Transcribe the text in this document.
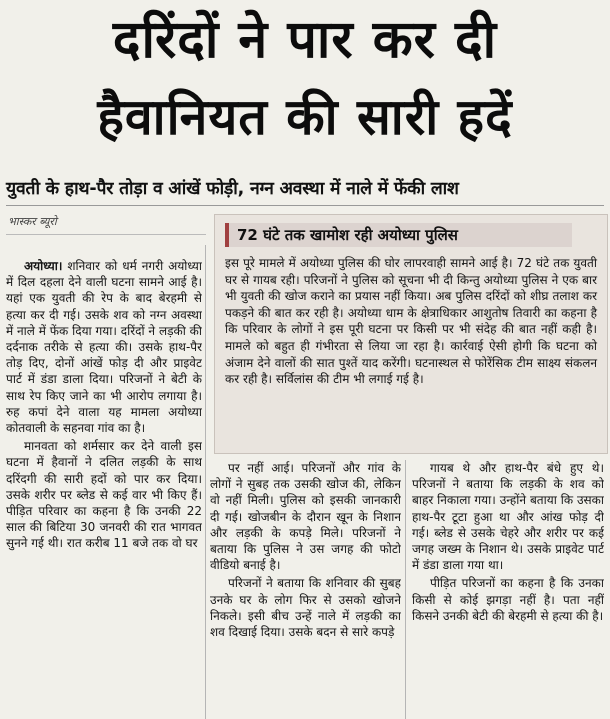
दरिंदों ने पार कर दी
हैवानियत की सारी हदें
युवती के हाथ-पैर तोड़ा व आंखें फोड़ी, नग्न अवस्था में नाले में फेंकी लाश
भास्कर ब्यूरो

अयोध्या। शनिवार को धर्म नगरी अयोध्या में दिल दहला देने वाली घटना सामने आई है। यहां एक युवती की रेप के बाद बेरहमी से हत्या कर दी गई। उसके शव को नग्न अवस्था में नाले में फेंक दिया गया। दरिंदों ने लड़की की दर्दनाक तरीके से हत्या की। उसके हाथ-पैर तोड़ दिए, दोनों आंखें फोड़ दी और प्राइवेट पार्ट में डंडा डाला दिया। परिजनों ने बेटी के साथ रेप किए जाने का भी आरोप लगाया है। रुह कपां देने वाला यह मामला अयोध्या कोतवाली के सहनवा गांव का है।

मानवता को शर्मसार कर देने वाली इस घटना में हैवानों ने दलित लड़की के साथ दरिंदगी की सारी हदों को पार कर दिया। उसके शरीर पर ब्लेड से कई वार भी किए हैं। पीड़ित परिवार का कहना है कि उनकी 22 साल की बिटिया 30 जनवरी की रात भागवत सुनने गई थी। रात करीब 11 बजे तक वो घर

72 घंटे तक खामोश रही अयोध्या पुलिस
इस पूरे मामले में अयोध्या पुलिस की घोर लापरवाही सामने आई है। 72 घंटे तक युवती घर से गायब रही। परिजनों ने पुलिस को सूचना भी दी किन्तु अयोध्या पुलिस ने एक बार भी युवती की खोज कराने का प्रयास नहीं किया। अब पुलिस दरिंदों को शीघ्र तलाश कर पकड़ने की बात कर रही है। अयोध्या धाम के क्षेत्राधिकार आशुतोष तिवारी का कहना है कि परिवार के लोगों ने इस पूरी घटना पर किसी पर भी संदेह की बात नहीं कही है। मामले को बहुत ही गंभीरता से लिया जा रहा है। कार्रवाई ऐसी होगी कि घटना को अंजाम देने वालों की सात पुश्तें याद करेंगी। घटनास्थल से फोरेंसिक टीम साक्ष्य संकलन कर रही है। सर्विलांस की टीम भी लगाई गई है।

पर नहीं आई। परिजनों और गांव के लोगों ने सुबह तक उसकी खोज की, लेकिन वो नहीं मिली। पुलिस को इसकी जानकारी दी गई। खोजबीन के दौरान खून के निशान और लड़की के कपड़े मिले। परिजनों ने बताया कि पुलिस ने उस जगह की फोटो वीडियो बनाई है।

परिजनों ने बताया कि शनिवार की सुबह उनके घर के लोग फिर से उसको खोजने निकले। इसी बीच उन्हें नाले में लड़की का शव दिखाई दिया। उसके बदन से सारे कपड़े

गायब थे और हाथ-पैर बंधे हुए थे। परिजनों ने बताया कि लड़की के शव को बाहर निकाला गया। उन्होंने बताया कि उसका हाथ-पैर टूटा हुआ था और आंख फोड़ दी गई। ब्लेड से उसके चेहरे और शरीर पर कई जगह जख्म के निशान थे। उसके प्राइवेट पार्ट में डंडा डाला गया था।

पीड़ित परिजनों का कहना है कि उनका किसी से कोई झगड़ा नहीं है। पता नहीं किसने उनकी बेटी की बेरहमी से हत्या की है।
